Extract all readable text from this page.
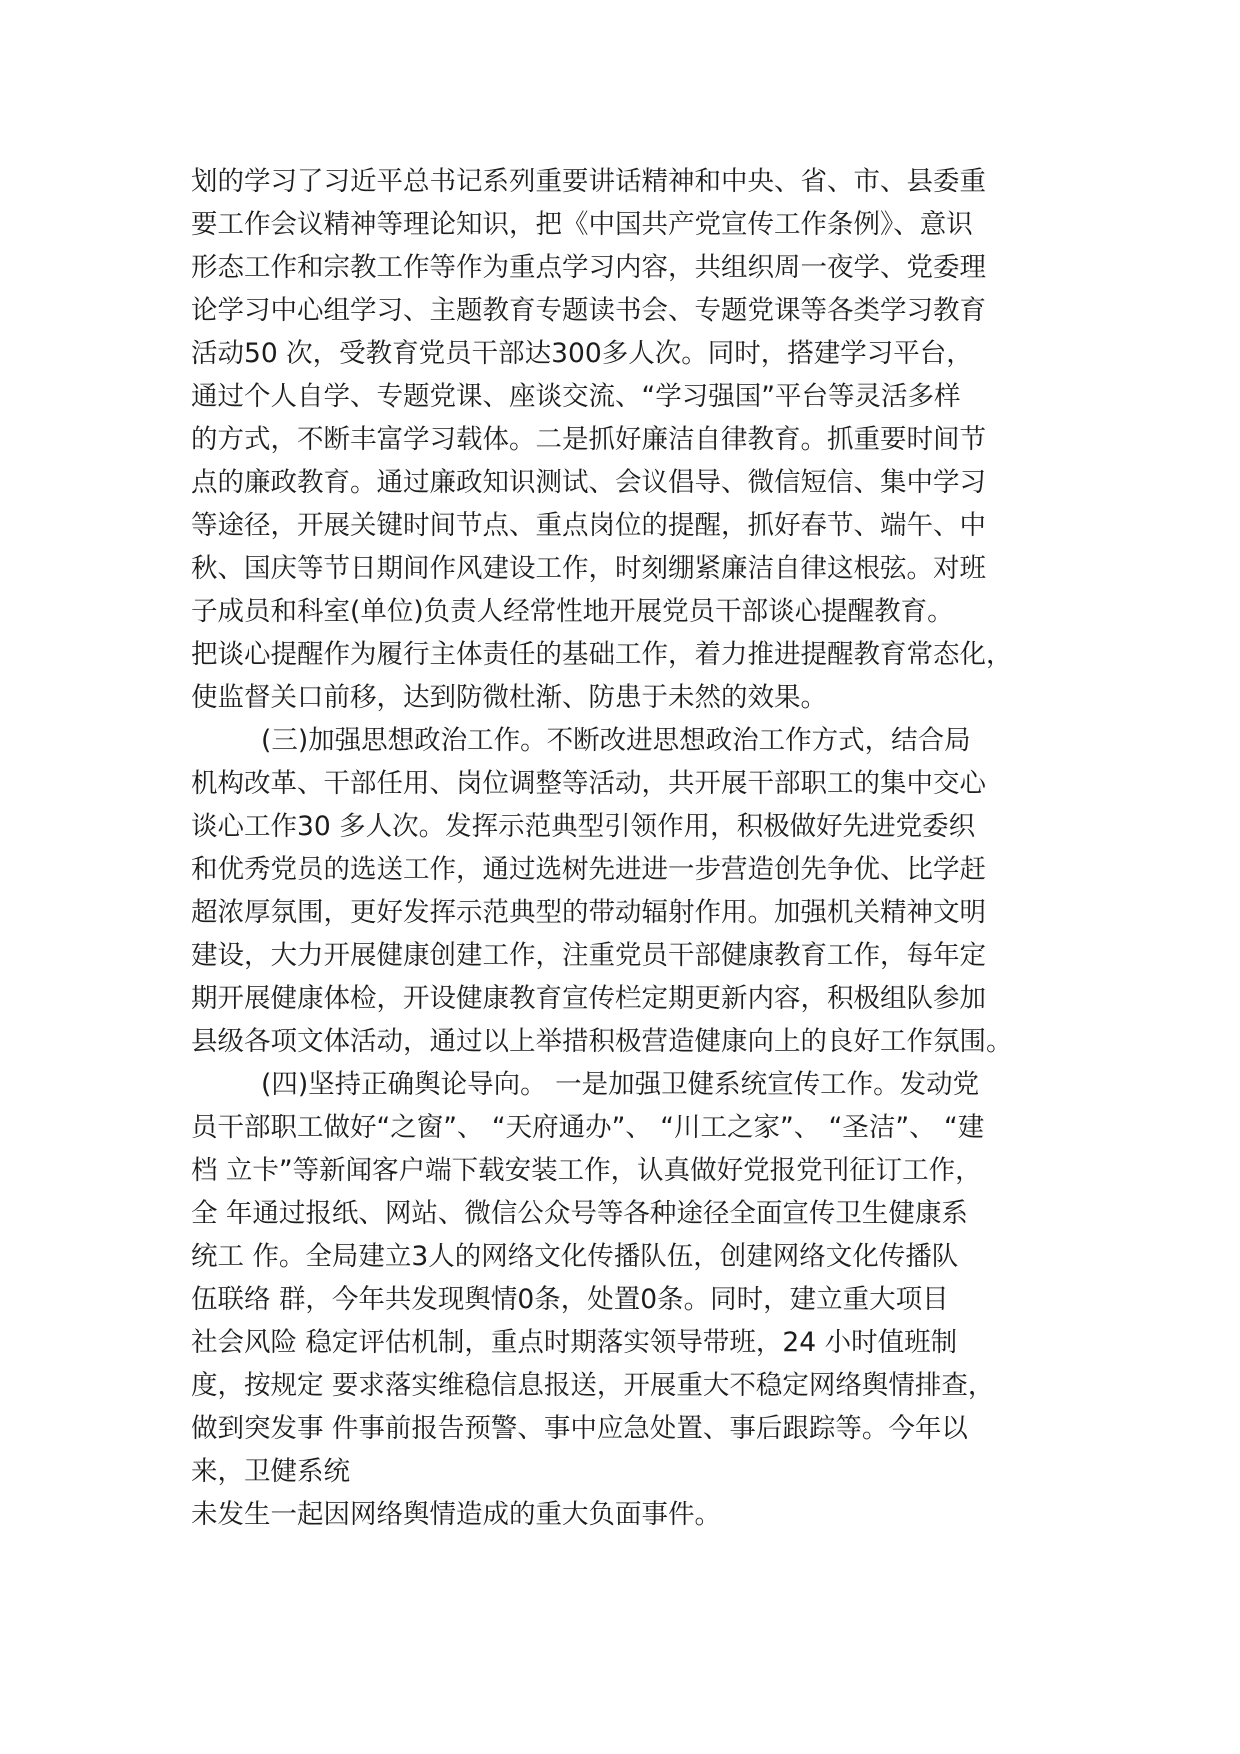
划的学习了习近平总书记系列重要讲话精神和中央、省、市、县委重
要工作会议精神等理论知识，把《中国共产党宣传工作条例》、意识
形态工作和宗教工作等作为重点学习内容，共组织周一夜学、党委理
论学习中心组学习、主题教育专题读书会、专题党课等各类学习教育
活动50 次，受教育党员干部达300多人次。同时，搭建学习平台，
通过个人自学、专题党课、座谈交流、“学习强国”平台等灵活多样
的方式，不断丰富学习载体。二是抓好廉洁自律教育。抓重要时间节
点的廉政教育。通过廉政知识测试、会议倡导、微信短信、集中学习
等途径，开展关键时间节点、重点岗位的提醒，抓好春节、端午、中
秋、国庆等节日期间作风建设工作，时刻绷紧廉洁自律这根弦。对班
子成员和科室(单位)负责人经常性地开展党员干部谈心提醒教育。
把谈心提醒作为履行主体责任的基础工作，着力推进提醒教育常态化，
使监督关口前移，达到防微杜渐、防患于未然的效果。
(三)加强思想政治工作。不断改进思想政治工作方式，结合局
机构改革、干部任用、岗位调整等活动，共开展干部职工的集中交心
谈心工作30 多人次。发挥示范典型引领作用，积极做好先进党委织
和优秀党员的选送工作，通过选树先进进一步营造创先争优、比学赶
超浓厚氛围，更好发挥示范典型的带动辐射作用。加强机关精神文明
建设，大力开展健康创建工作，注重党员干部健康教育工作，每年定
期开展健康体检，开设健康教育宣传栏定期更新内容，积极组队参加
县级各项文体活动，通过以上举措积极营造健康向上的良好工作氛围。
(四)坚持正确舆论导向。 一是加强卫健系统宣传工作。发动党
员干部职工做好“之窗”、 “天府通办”、 “川工之家”、 “圣洁”、 “建
档 立卡”等新闻客户端下载安装工作，认真做好党报党刊征订工作，
全 年通过报纸、网站、微信公众号等各种途径全面宣传卫生健康系
统工 作。全局建立3人的网络文化传播队伍，创建网络文化传播队
伍联络 群，今年共发现舆情0条，处置0条。同时，建立重大项目
社会风险 稳定评估机制，重点时期落实领导带班，24 小时值班制
度，按规定 要求落实维稳信息报送，开展重大不稳定网络舆情排查，
做到突发事 件事前报告预警、事中应急处置、事后跟踪等。今年以
来，卫健系统
未发生一起因网络舆情造成的重大负面事件。
